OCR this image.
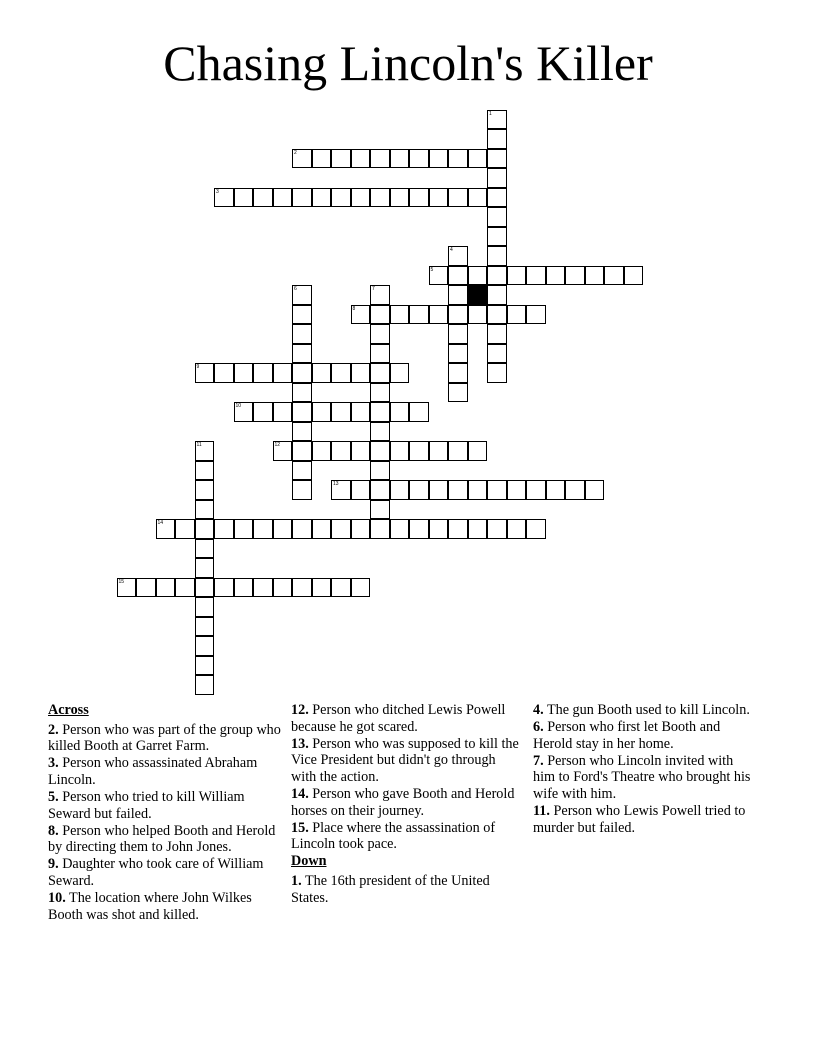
Chasing Lincoln's Killer
1
2
3
4
5
6	7
8
9
10
11	12
13
14
15
Across
2. Person who was part of the group who killed Booth at Garret Farm.
3. Person who assassinated Abraham Lincoln.
5. Person who tried to kill William Seward but failed.
8. Person who helped Booth and Herold by directing them to John Jones.
9. Daughter who took care of William Seward.
10. The location where John Wilkes Booth was shot and killed.
12. Person who ditched Lewis Powell because he got scared.
13. Person who was supposed to kill the Vice President but didn't go through with the action.
14. Person who gave Booth and Herold horses on their journey.
15. Place where the assassination of Lincoln took pace.
Down
1. The 16th president of the United States.
4. The gun Booth used to kill Lincoln.
6. Person who first let Booth and Herold stay in her home.
7. Person who Lincoln invited with him to Ford's Theatre who brought his wife with him.
11. Person who Lewis Powell tried to murder but failed.
